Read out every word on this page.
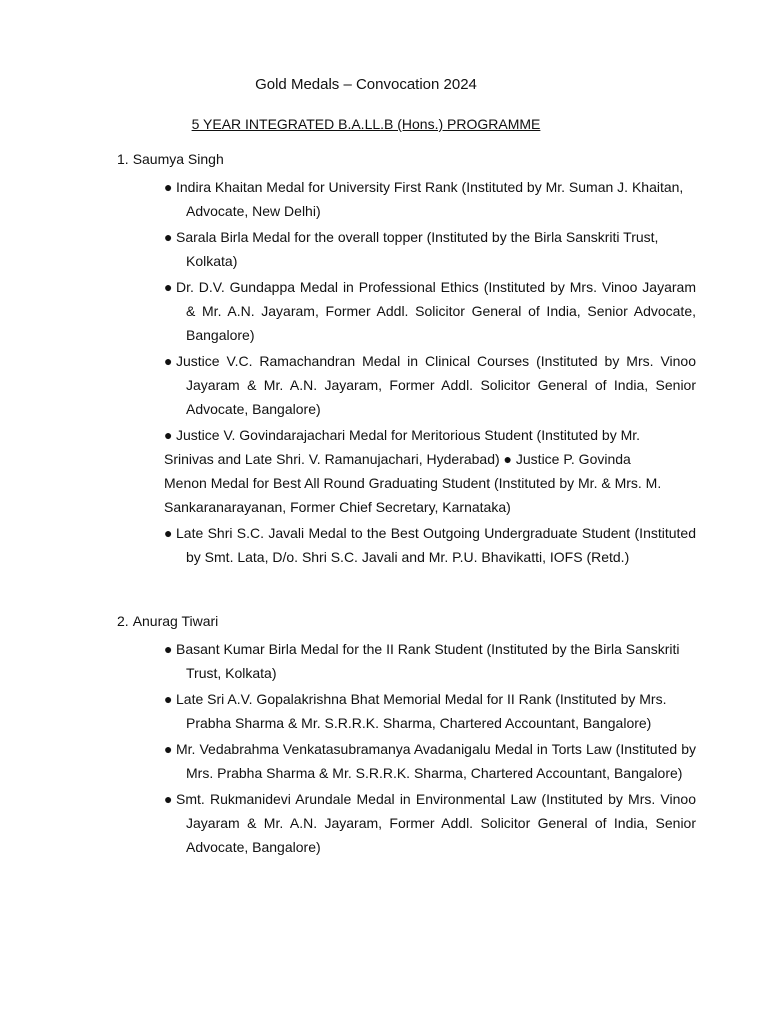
Gold Medals – Convocation 2024
5 YEAR INTEGRATED B.A.LL.B (Hons.) PROGRAMME
1. Saumya Singh
● Indira Khaitan Medal for University First Rank (Instituted by Mr. Suman J. Khaitan, Advocate, New Delhi)
● Sarala Birla Medal for the overall topper (Instituted by the Birla Sanskriti Trust, Kolkata)
● Dr. D.V. Gundappa Medal in Professional Ethics (Instituted by Mrs. Vinoo Jayaram & Mr. A.N. Jayaram, Former Addl. Solicitor General of India, Senior Advocate, Bangalore)
● Justice V.C. Ramachandran Medal in Clinical Courses (Instituted by Mrs. Vinoo Jayaram & Mr. A.N. Jayaram, Former Addl. Solicitor General of India, Senior Advocate, Bangalore)
● Justice V. Govindarajachari Medal for Meritorious Student (Instituted by Mr. Srinivas and Late Shri. V. Ramanujachari, Hyderabad) ● Justice P. Govinda Menon Medal for Best All Round Graduating Student (Instituted by Mr. & Mrs. M. Sankaranarayanan, Former Chief Secretary, Karnataka)
● Late Shri S.C. Javali Medal to the Best Outgoing Undergraduate Student (Instituted by Smt. Lata, D/o. Shri S.C. Javali and Mr. P.U. Bhavikatti, IOFS (Retd.)
2. Anurag Tiwari
● Basant Kumar Birla Medal for the II Rank Student (Instituted by the Birla Sanskriti Trust, Kolkata)
● Late Sri A.V. Gopalakrishna Bhat Memorial Medal for II Rank (Instituted by Mrs. Prabha Sharma & Mr. S.R.R.K. Sharma, Chartered Accountant, Bangalore)
● Mr. Vedabrahma Venkatasubramanya Avadanigalu Medal in Torts Law (Instituted by Mrs. Prabha Sharma & Mr. S.R.R.K. Sharma, Chartered Accountant, Bangalore)
● Smt. Rukmanidevi Arundale Medal in Environmental Law (Instituted by Mrs. Vinoo Jayaram & Mr. A.N. Jayaram, Former Addl. Solicitor General of India, Senior Advocate, Bangalore)
